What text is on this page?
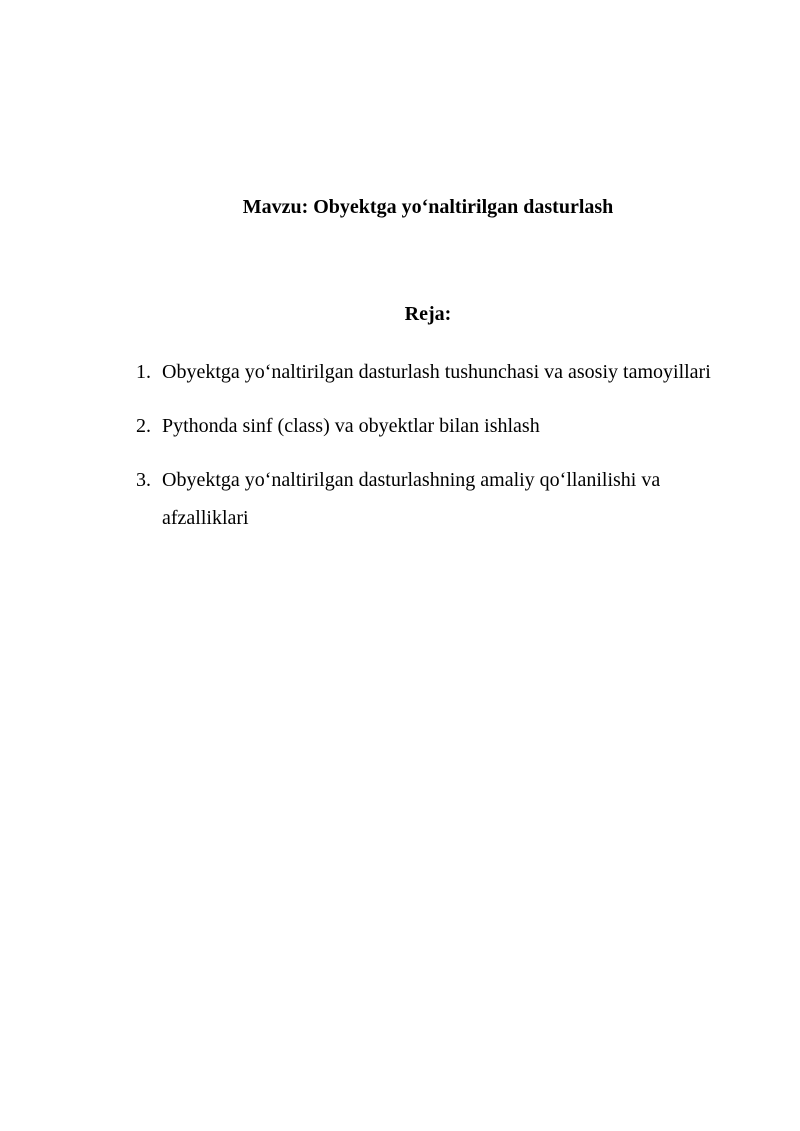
Mavzu: Obyektga yo‘naltirilgan dasturlash
Reja:
1. Obyektga yo‘naltirilgan dasturlash tushunchasi va asosiy tamoyillari
2. Pythonda sinf (class) va obyektlar bilan ishlash
3. Obyektga yo‘naltirilgan dasturlashning amaliy qo‘llanilishi va afzalliklari
